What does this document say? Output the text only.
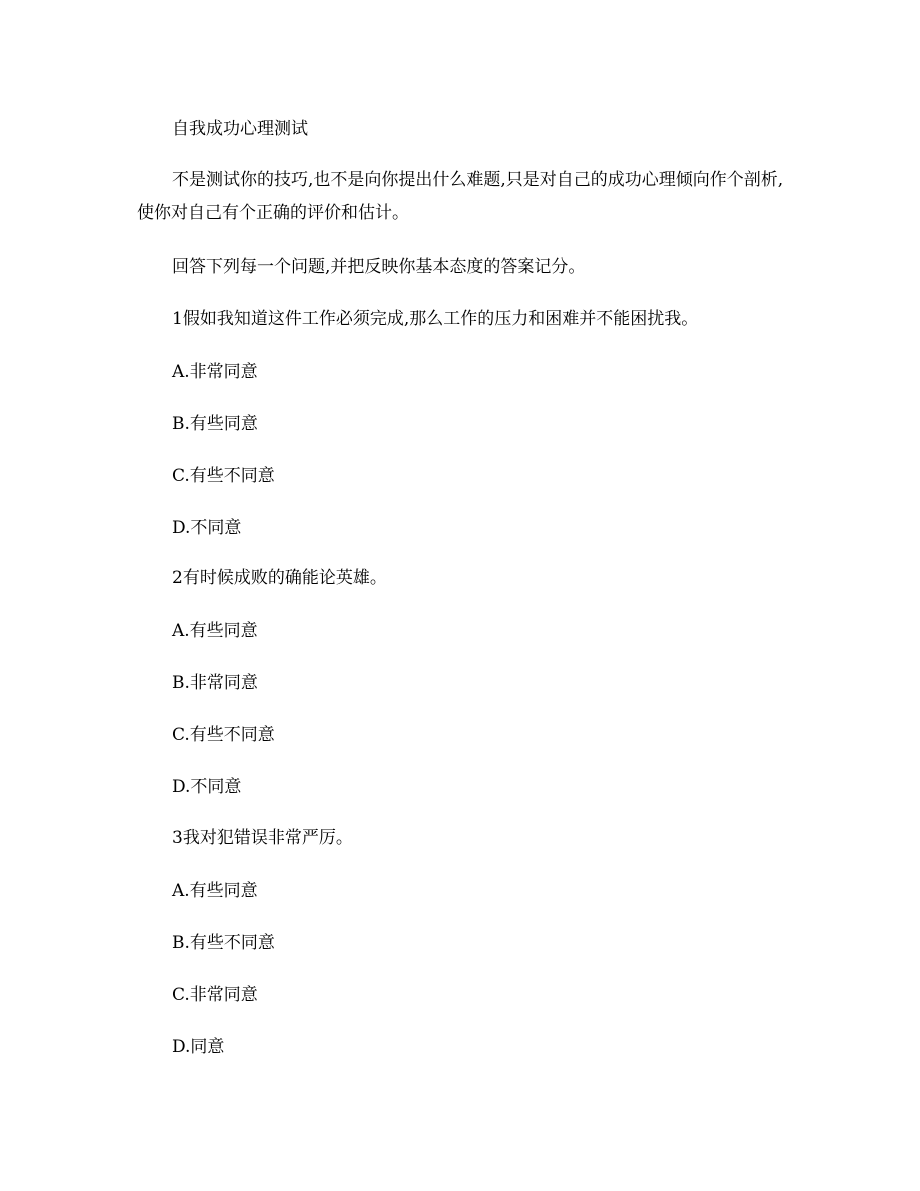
自我成功心理测试
不是测试你的技巧,也不是向你提出什么难题,只是对自己的成功心理倾向作个剖析,使你对自己有个正确的评价和估计。
回答下列每一个问题,并把反映你基本态度的答案记分。
1假如我知道这件工作必须完成,那么工作的压力和困难并不能困扰我。
A.非常同意
B.有些同意
C.有些不同意
D.不同意
2有时候成败的确能论英雄。
A.有些同意
B.非常同意
C.有些不同意
D.不同意
3我对犯错误非常严厉。
A.有些同意
B.有些不同意
C.非常同意
D.同意
